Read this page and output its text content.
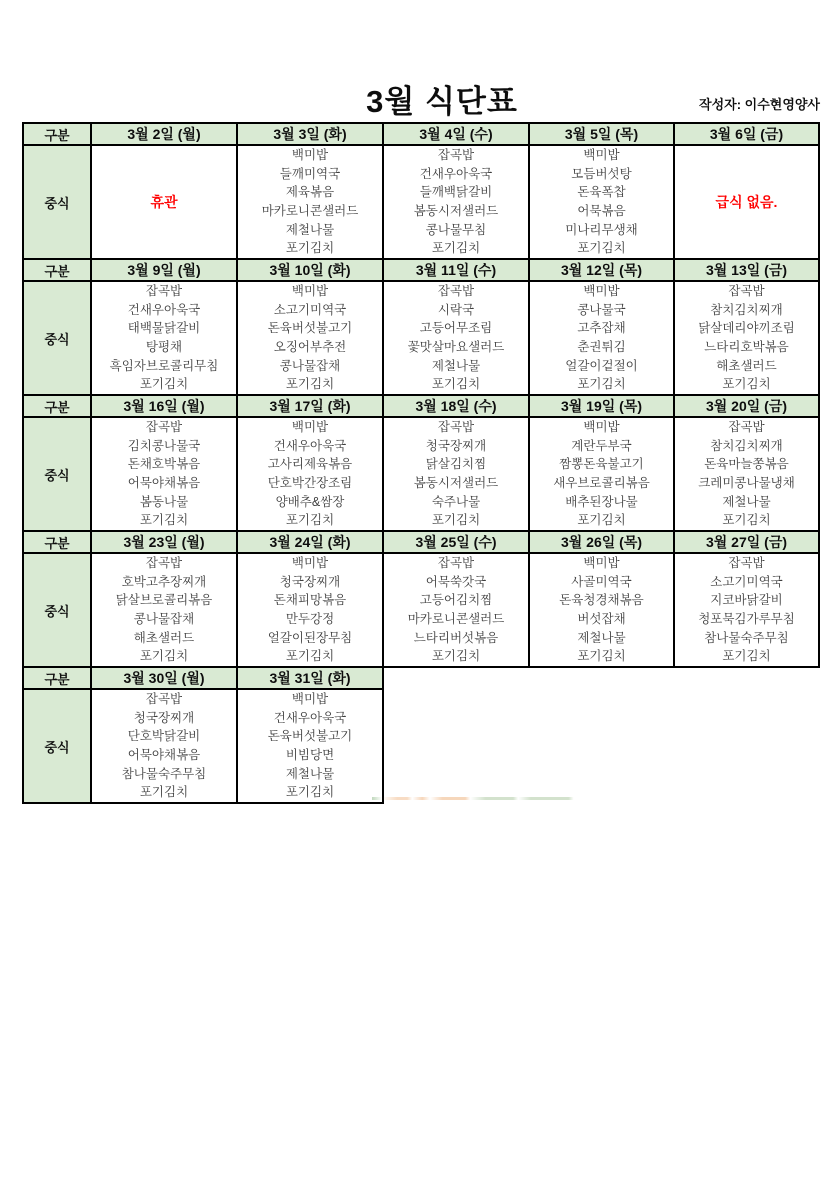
3월 식단표	작성자: 이수현영양사
구분	3월 2일 (월)	3월 3일 (화)	3월 4일 (수)	3월 5일 (목)	3월 6일 (금)
중식	휴관

백미밥
들깨미역국
제육볶음
마카로니콘샐러드
제철나물
포기김치

잡곡밥
건새우아욱국
들깨백닭갈비
봄동시저샐러드
콩나물무침
포기김치

백미밥
모듬버섯탕
돈육폭찹
어묵볶음
미나리무생채
포기김치

급식 없음.

구분	3월 9일 (월)	3월 10일 (화)	3월 11일 (수)	3월 12일 (목)	3월 13일 (금)
중식	
잡곡밥
건새우아욱국
태백물닭갈비
탕평채
흑임자브로콜리무침
포기김치

백미밥
소고기미역국
돈육버섯불고기
오징어부추전
콩나물잡채
포기김치

잡곡밥
시락국
고등어무조림
꽃맛살마요샐러드
제철나물
포기김치

백미밥
콩나물국
고추잡채
춘권튀김
얼갈이겉절이
포기김치

잡곡밥
참치김치찌개
닭살데리야끼조림
느타리호박볶음
해초샐러드
포기김치

구분	3월 16일 (월)	3월 17일 (화)	3월 18일 (수)	3월 19일 (목)	3월 20일 (금)
중식	
잡곡밥
김치콩나물국
돈채호박볶음
어묵야채볶음
봄동나물
포기김치

백미밥
건새우아욱국
고사리제육볶음
단호박간장조림
양배추&쌈장
포기김치

잡곡밥
청국장찌개
닭살김치찜
봄동시저샐러드
숙주나물
포기김치

백미밥
계란두부국
짬뽕돈육불고기
새우브로콜리볶음
배추된장나물
포기김치

잡곡밥
참치김치찌개
돈육마늘쫑볶음
크레미콩나물냉채
제철나물
포기김치

구분	3월 23일 (월)	3월 24일 (화)	3월 25일 (수)	3월 26일 (목)	3월 27일 (금)
중식	
잡곡밥
호박고추장찌개
닭살브로콜리볶음
콩나물잡채
해초샐러드
포기김치

백미밥
청국장찌개
돈채피망볶음
만두강정
얼갈이된장무침
포기김치

잡곡밥
어묵쑥갓국
고등어김치찜
마카로니콘샐러드
느타리버섯볶음
포기김치

백미밥
사골미역국
돈육청경채볶음
버섯잡채
제철나물
포기김치

잡곡밥
소고기미역국
지코바닭갈비
청포묵김가루무침
참나물숙주무침
포기김치

구분	3월 30일 (월)	3월 31일 (화)			
중식	
잡곡밥
청국장찌개
단호박닭갈비
어묵야채볶음
참나물숙주무침
포기김치

백미밥
건새우아욱국
돈육버섯불고기
비빔당면
제철나물
포기김치
